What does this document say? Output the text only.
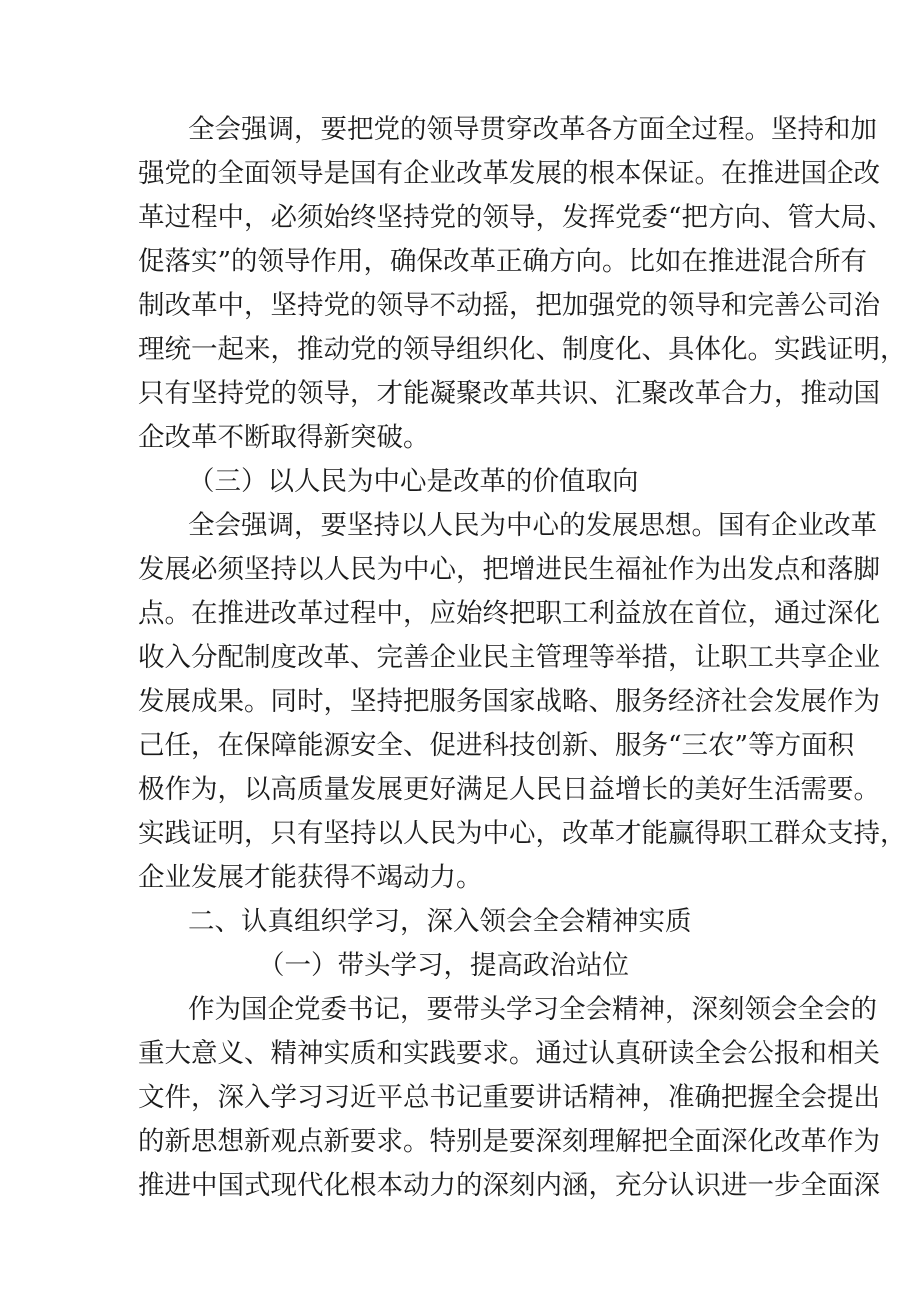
全会强调，要把党的领导贯穿改革各方面全过程。坚持和加
强党的全面领导是国有企业改革发展的根本保证。在推进国企改
革过程中，必须始终坚持党的领导，发挥党委“把方向、管大局、
促落实”的领导作用，确保改革正确方向。比如在推进混合所有
制改革中，坚持党的领导不动摇，把加强党的领导和完善公司治
理统一起来，推动党的领导组织化、制度化、具体化。实践证明，
只有坚持党的领导，才能凝聚改革共识、汇聚改革合力，推动国
企改革不断取得新突破。
（三）以人民为中心是改革的价值取向
全会强调，要坚持以人民为中心的发展思想。国有企业改革
发展必须坚持以人民为中心，把增进民生福祉作为出发点和落脚
点。在推进改革过程中，应始终把职工利益放在首位，通过深化
收入分配制度改革、完善企业民主管理等举措，让职工共享企业
发展成果。同时，坚持把服务国家战略、服务经济社会发展作为
己任，在保障能源安全、促进科技创新、服务“三农”等方面积
极作为，以高质量发展更好满足人民日益增长的美好生活需要。
实践证明，只有坚持以人民为中心，改革才能赢得职工群众支持，
企业发展才能获得不竭动力。
二、认真组织学习，深入领会全会精神实质
（一）带头学习，提高政治站位
作为国企党委书记，要带头学习全会精神，深刻领会全会的
重大意义、精神实质和实践要求。通过认真研读全会公报和相关
文件，深入学习习近平总书记重要讲话精神，准确把握全会提出
的新思想新观点新要求。特别是要深刻理解把全面深化改革作为
推进中国式现代化根本动力的深刻内涵，充分认识进一步全面深
